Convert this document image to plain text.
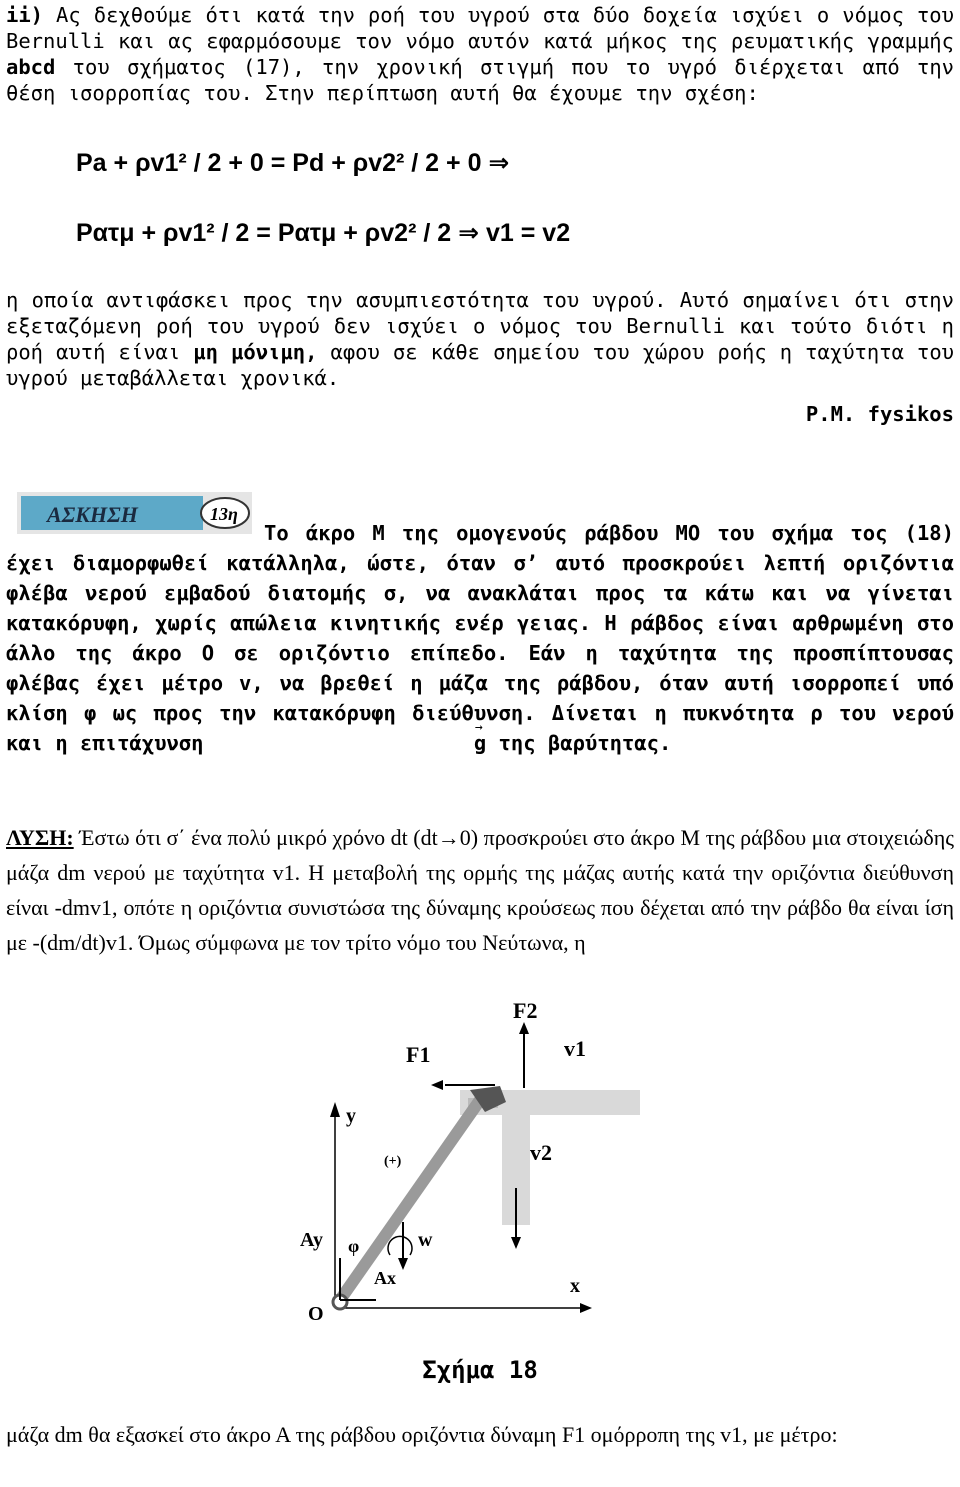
ii) Ας δεχθούμε ότι κατά την ροή του υγρού στα δύο δοχεία ισχύει ο νόμος του Bernulli και ας εφαρμόσουμε τον νόμο αυτόν κατά μήκος της ρευματικής γραμμής abcd του σχήματος (17), την χρονική στιγμή που το υγρό διέρχεται από την θέση ισορροπίας του. Στην περίπτωση αυτή θα έχουμε την σχέση:
Pa + ρv1² / 2 + 0 = Pd + ρv2² / 2 + 0 ⇒
Pατμ + ρv1² / 2 = Pατμ + ρv2² / 2 ⇒ v1 = v2
η οποία αντιφάσκει προς την ασυμπιεστότητα του υγρού. Αυτό σημαίνει ότι στην εξεταζόμενη ροή του υγρού δεν ισχύει ο νόμος του Bernulli και τούτο διότι η ροή αυτή είναι μη μόνιμη, αφου σε κάθε σημείου του χώρου ροής η ταχύτητα του υγρού μεταβάλλεται χρονικά.
P.M. fysikos
ΑΣΚΗΣΗ	13η
Το άκρο Μ της ομογενούς ράβδου ΜΟ του σχήμα τος (18) έχει διαμορφωθεί κατάλληλα, ώστε, όταν σ’ αυτό προσκρούει λεπτή οριζόντια φλέβα νερού εμβαδού διατομής σ, να ανακλάται προς τα κάτω και να γίνεται κατακόρυφη, χωρίς απώλεια κινητικής ενέρ γειας. Η ράβδος είναι αρθρωμένη στο άλλο της άκρο Ο σε οριζόντιο επίπεδο. Εάν η ταχύτητα της προσπίπτουσας φλέβας έχει μέτρο v, να βρεθεί η μάζα της ράβδου, όταν αυτή ισορροπεί υπό κλίση φ ως προς την κατακόρυφη διεύθυνση. Δίνεται η πυκνότητα ρ του νερού και η επιτάχυνση →	g της βαρύτητας.
ΛΥΣΗ: Έστω ότι σ΄ ένα πολύ μικρό χρόνο dt (dt→0) προσκρούει στο άκρο Μ της ράβδου μια στοιχειώδης μάζα dm νερού με ταχύτητα v1. Η μεταβολή της ορμής της μάζας αυτής κατά την οριζόντια διεύθυνση είναι -dmv1, οπότε η οριζόντια συνιστώσα της δύναμης κρούσεως που δέχεται από την ράβδο θα είναι ίση με -(dm/dt)v1. Όμως σύμφωνα με τον τρίτο νόμο του Νεύτωνα, η
F2
F1	v1
v2
y
(+)
w
Ay
Ax
φ
O
x
Σχήμα 18
μάζα dm θα εξασκεί στο άκρο Α της ράβδου οριζόντια δύναμη F1 ομόρροπη της v1, με μέτρο:
